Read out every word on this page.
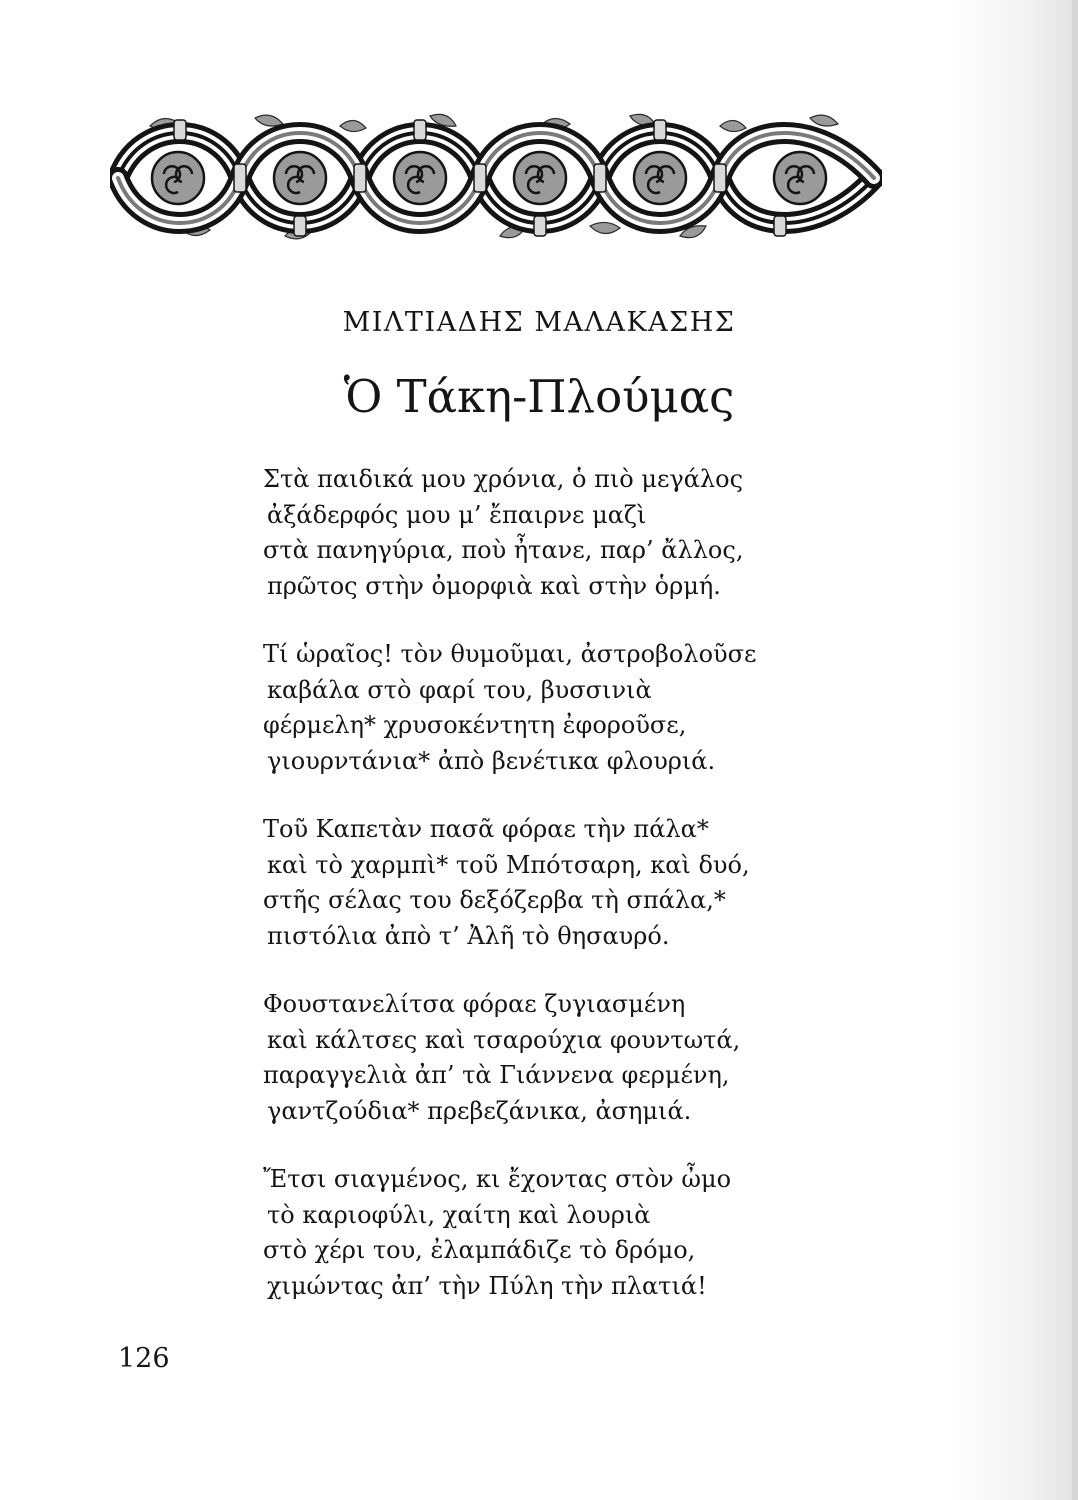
ΜΙΛΤΙΑΔΗΣ ΜΑΛΑΚΑΣΗΣ
Ὁ Τάκη-Πλούμας
Στὰ παιδικά μου χρόνια, ὁ πιὸ μεγάλος
ἀξάδερφός μου μ’ ἔπαιρνε μαζὶ
στὰ πανηγύρια, ποὺ ἦτανε, παρ’ ἄλλος,
πρῶτος στὴν ὀμορφιὰ καὶ στὴν ὁρμή.
Τί ὡραῖος! τὸν θυμοῦμαι, ἀστροβολοῦσε
καβάλα στὸ φαρί του, βυσσινιὰ
φέρμελη* χρυσοκέντητη ἐφοροῦσε,
γιουρντάνια* ἀπὸ βενέτικα φλουριά.
Τοῦ Καπετὰν πασᾶ φόραε τὴν πάλα*
καὶ τὸ χαρμπὶ* τοῦ Μπότσαρη, καὶ δυό,
στῆς σέλας του δεξόζερβα τὴ σπάλα,*
πιστόλια ἀπὸ τ’ Ἀλῆ τὸ θησαυρό.
Φουστανελίτσα φόραε ζυγιασμένη
καὶ κάλτσες καὶ τσαρούχια φουντωτά,
παραγγελιὰ ἀπ’ τὰ Γιάννενα φερμένη,
γαντζούδια* πρεβεζάνικα, ἀσημιά.
Ἔτσι σιαγμένος, κι ἔχοντας στὸν ὦμο
τὸ καριοφύλι, χαίτη καὶ λουριὰ
στὸ χέρι του, ἐλαμπάδιζε τὸ δρόμο,
χιμώντας ἀπ’ τὴν Πύλη τὴν πλατιά!
126
